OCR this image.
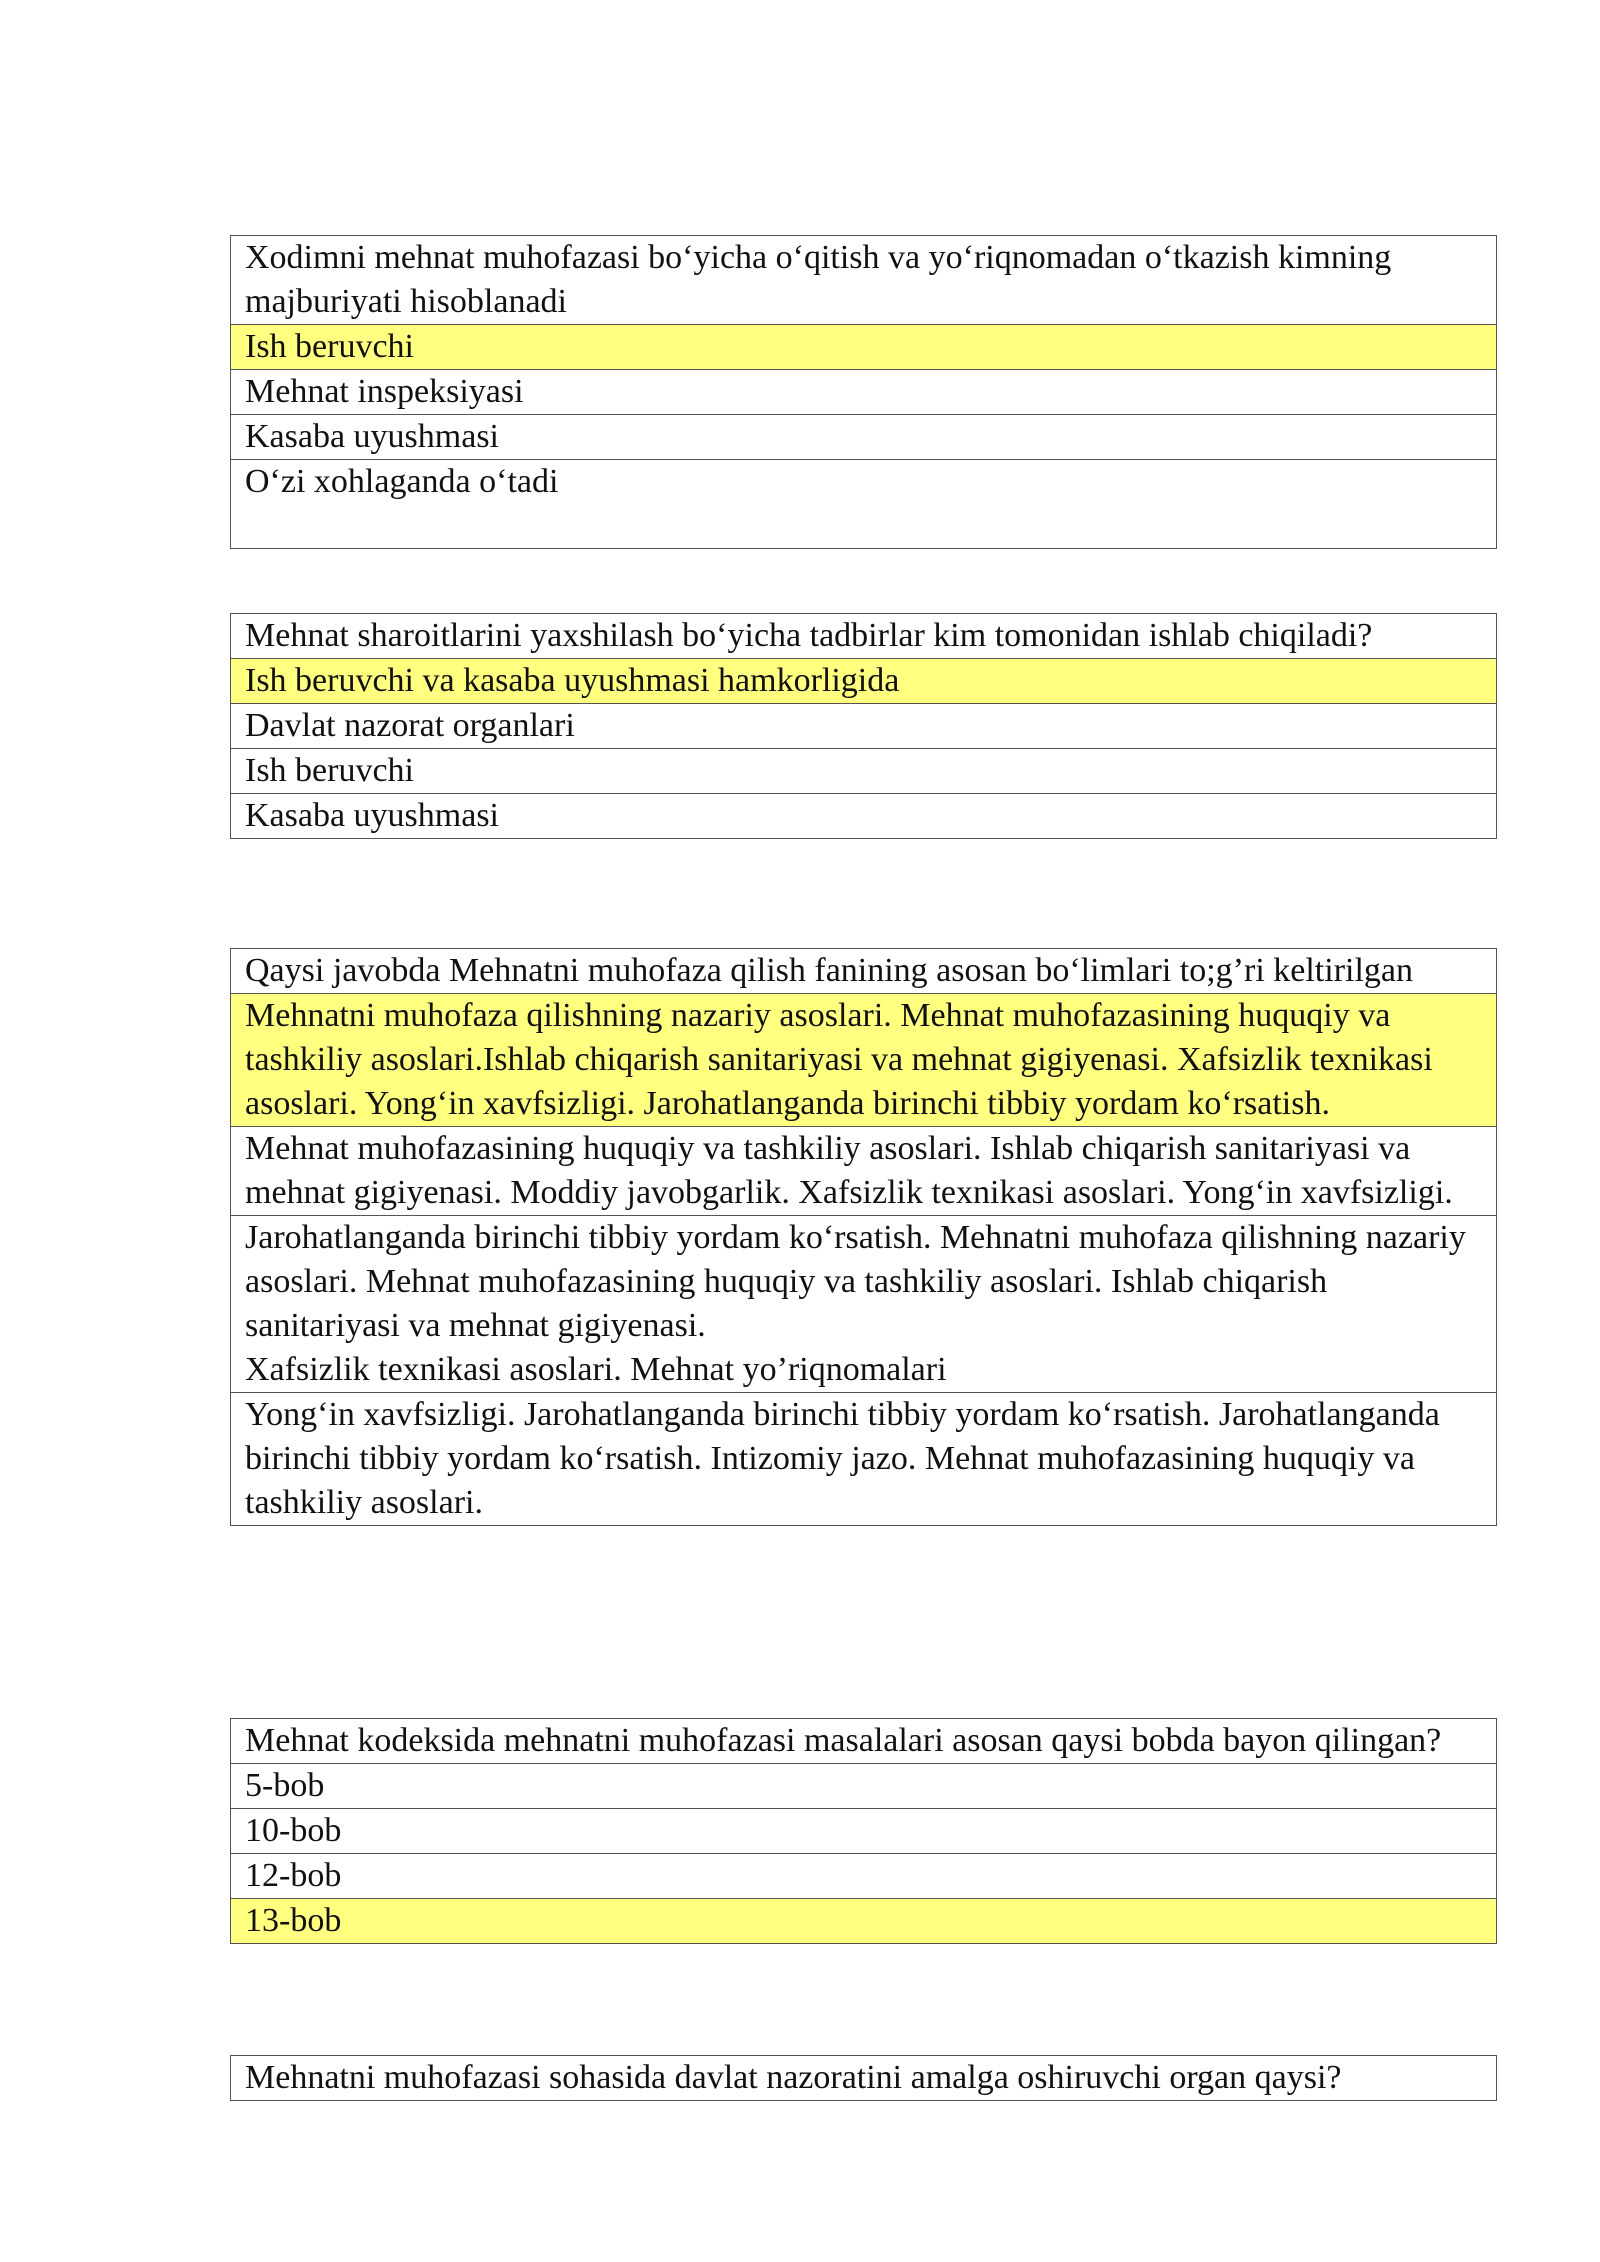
Xodimni mehnat muhofazasi bo‘yicha o‘qitish va yo‘riqnomadan o‘tkazish kimning majburiyati hisoblanadi
Ish beruvchi
Mehnat inspeksiyasi
Kasaba uyushmasi
O‘zi xohlaganda o‘tadi
Mehnat sharoitlarini yaxshilash bo‘yicha tadbirlar kim tomonidan ishlab chiqiladi?
Ish beruvchi va kasaba uyushmasi hamkorligida
Davlat nazorat organlari
Ish beruvchi
Kasaba uyushmasi
Qaysi javobda Mehnatni muhofaza qilish fanining asosan bo‘limlari to;g’ri keltirilgan
Mehnatni muhofaza qilishning nazariy asoslari. Mehnat muhofazasining huquqiy va tashkiliy asoslari.Ishlab chiqarish sanitariyasi va mehnat gigiyenasi. Xafsizlik texnikasi asoslari. Yong‘in xavfsizligi. Jarohatlanganda birinchi tibbiy yordam ko‘rsatish.
Mehnat muhofazasining huquqiy va tashkiliy asoslari. Ishlab chiqarish sanitariyasi va mehnat gigiyenasi. Moddiy javobgarlik. Xafsizlik texnikasi asoslari. Yong‘in xavfsizligi.

Jarohatlanganda birinchi tibbiy yordam ko‘rsatish. Mehnatni muhofaza qilishning nazariy asoslari. Mehnat muhofazasining huquqiy va tashkiliy asoslari. Ishlab chiqarish sanitariyasi va mehnat gigiyenasi.
Xafsizlik texnikasi asoslari. Mehnat yo’riqnomalari

Yong‘in xavfsizligi. Jarohatlanganda birinchi tibbiy yordam ko‘rsatish. Jarohatlanganda birinchi tibbiy yordam ko‘rsatish. Intizomiy jazo. Mehnat muhofazasining huquqiy va tashkiliy asoslari.
Mehnat kodeksida mehnatni muhofazasi masalalari asosan qaysi bobda bayon qilingan?
5-bob
10-bob
12-bob
13-bob
Mehnatni muhofazasi sohasida davlat nazoratini amalga oshiruvchi organ qaysi?
